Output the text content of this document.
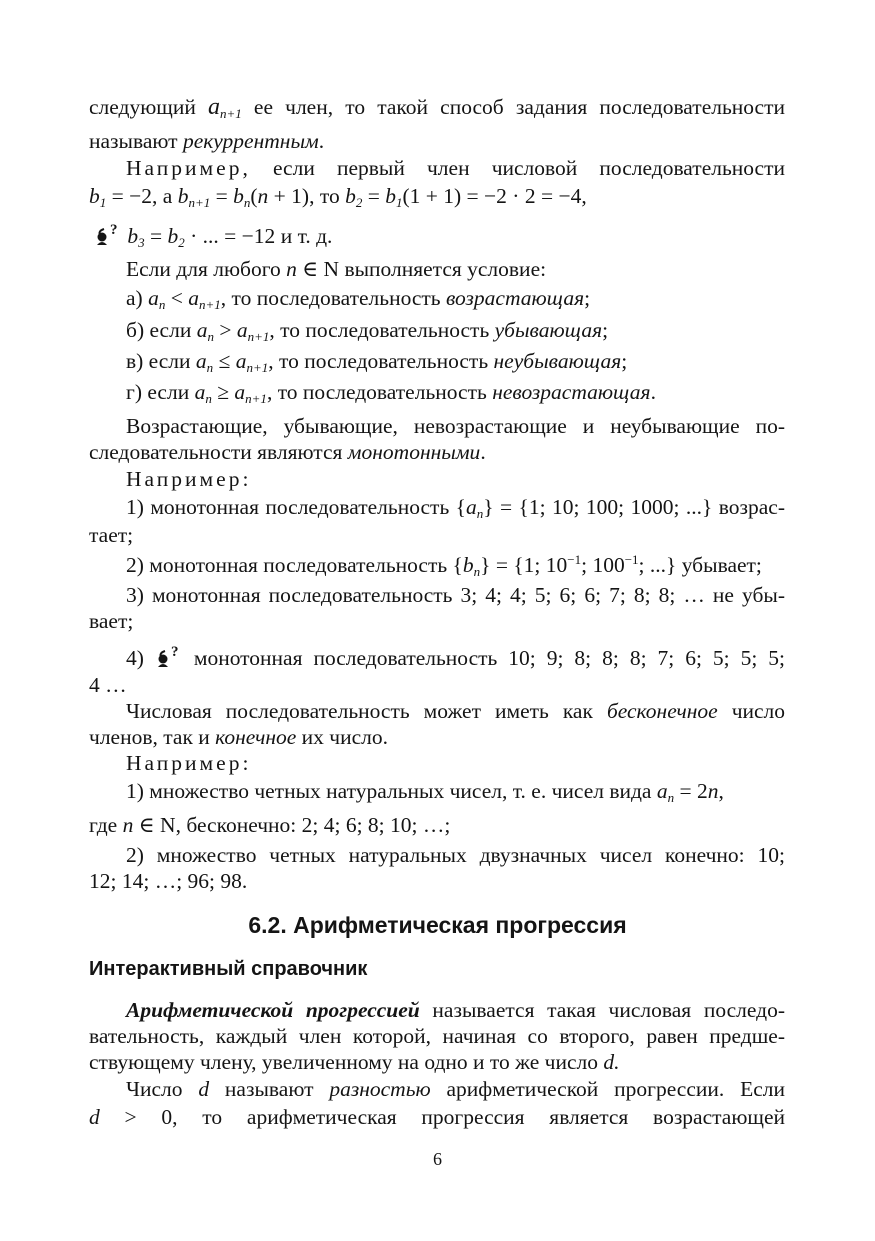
следующий $a_{n+1}$ ее член, то такой способ задания последовательности
называют рекуррентным.
Например, если первый член числовой последовательности
$b_1 = -2$, а $b_{n+1} = b_n(n + 1)$, то $b_2 = b_1(1 + 1) = -2 \cdot 2 = -4$,
? $b_3 = b_2$ · ... = −12 и т. д.
Если для любого n ∈ N выполняется условие:
а) $a_n < a_{n+1}$, то последовательность возрастающая;
б) если $a_n > a_{n+1}$, то последовательность убывающая;
в) если $a_n \le a_{n+1}$, то последовательность неубывающая;
г) если $a_n \ge a_{n+1}$, то последовательность невозрастающая.
Возрастающие, убывающие, невозрастающие и неубывающие по-
следовательности являются монотонными.
Например:
1) монотонная последовательность $\{a_n\} = \{1$; 10; 100; 1000; ...} возрас-
тает;
2) монотонная последовательность $\{b_n\} = \{1$; $10^{-1}$; $100^{-1}$; ...} убывает;
3) монотонная последовательность 3; 4; 4; 5; 6; 6; 7; 8; 8; … не убы-
вает;
4) ? монотонная последовательность 10; 9; 8; 8; 8; 7; 6; 5; 5; 5;
4 …
Числовая последовательность может иметь как бесконечное число
членов, так и конечное их число.
Например:
1) множество четных натуральных чисел, т. е. чисел вида $a_n = 2n$,
где n ∈ N, бесконечно: 2; 4; 6; 8; 10; …;
2) множество четных натуральных двузначных чисел конечно: 10;
12; 14; …; 96; 98.
6.2. Арифметическая прогрессия
Интерактивный справочник
Арифметической прогрессией называется такая числовая последо-
вательность, каждый член которой, начиная со второго, равен предше-
ствующему члену, увеличенному на одно и то же число d.
Число d называют разностью арифметической прогрессии. Если
d > 0, то арифметическая прогрессия является возрастающей
6
